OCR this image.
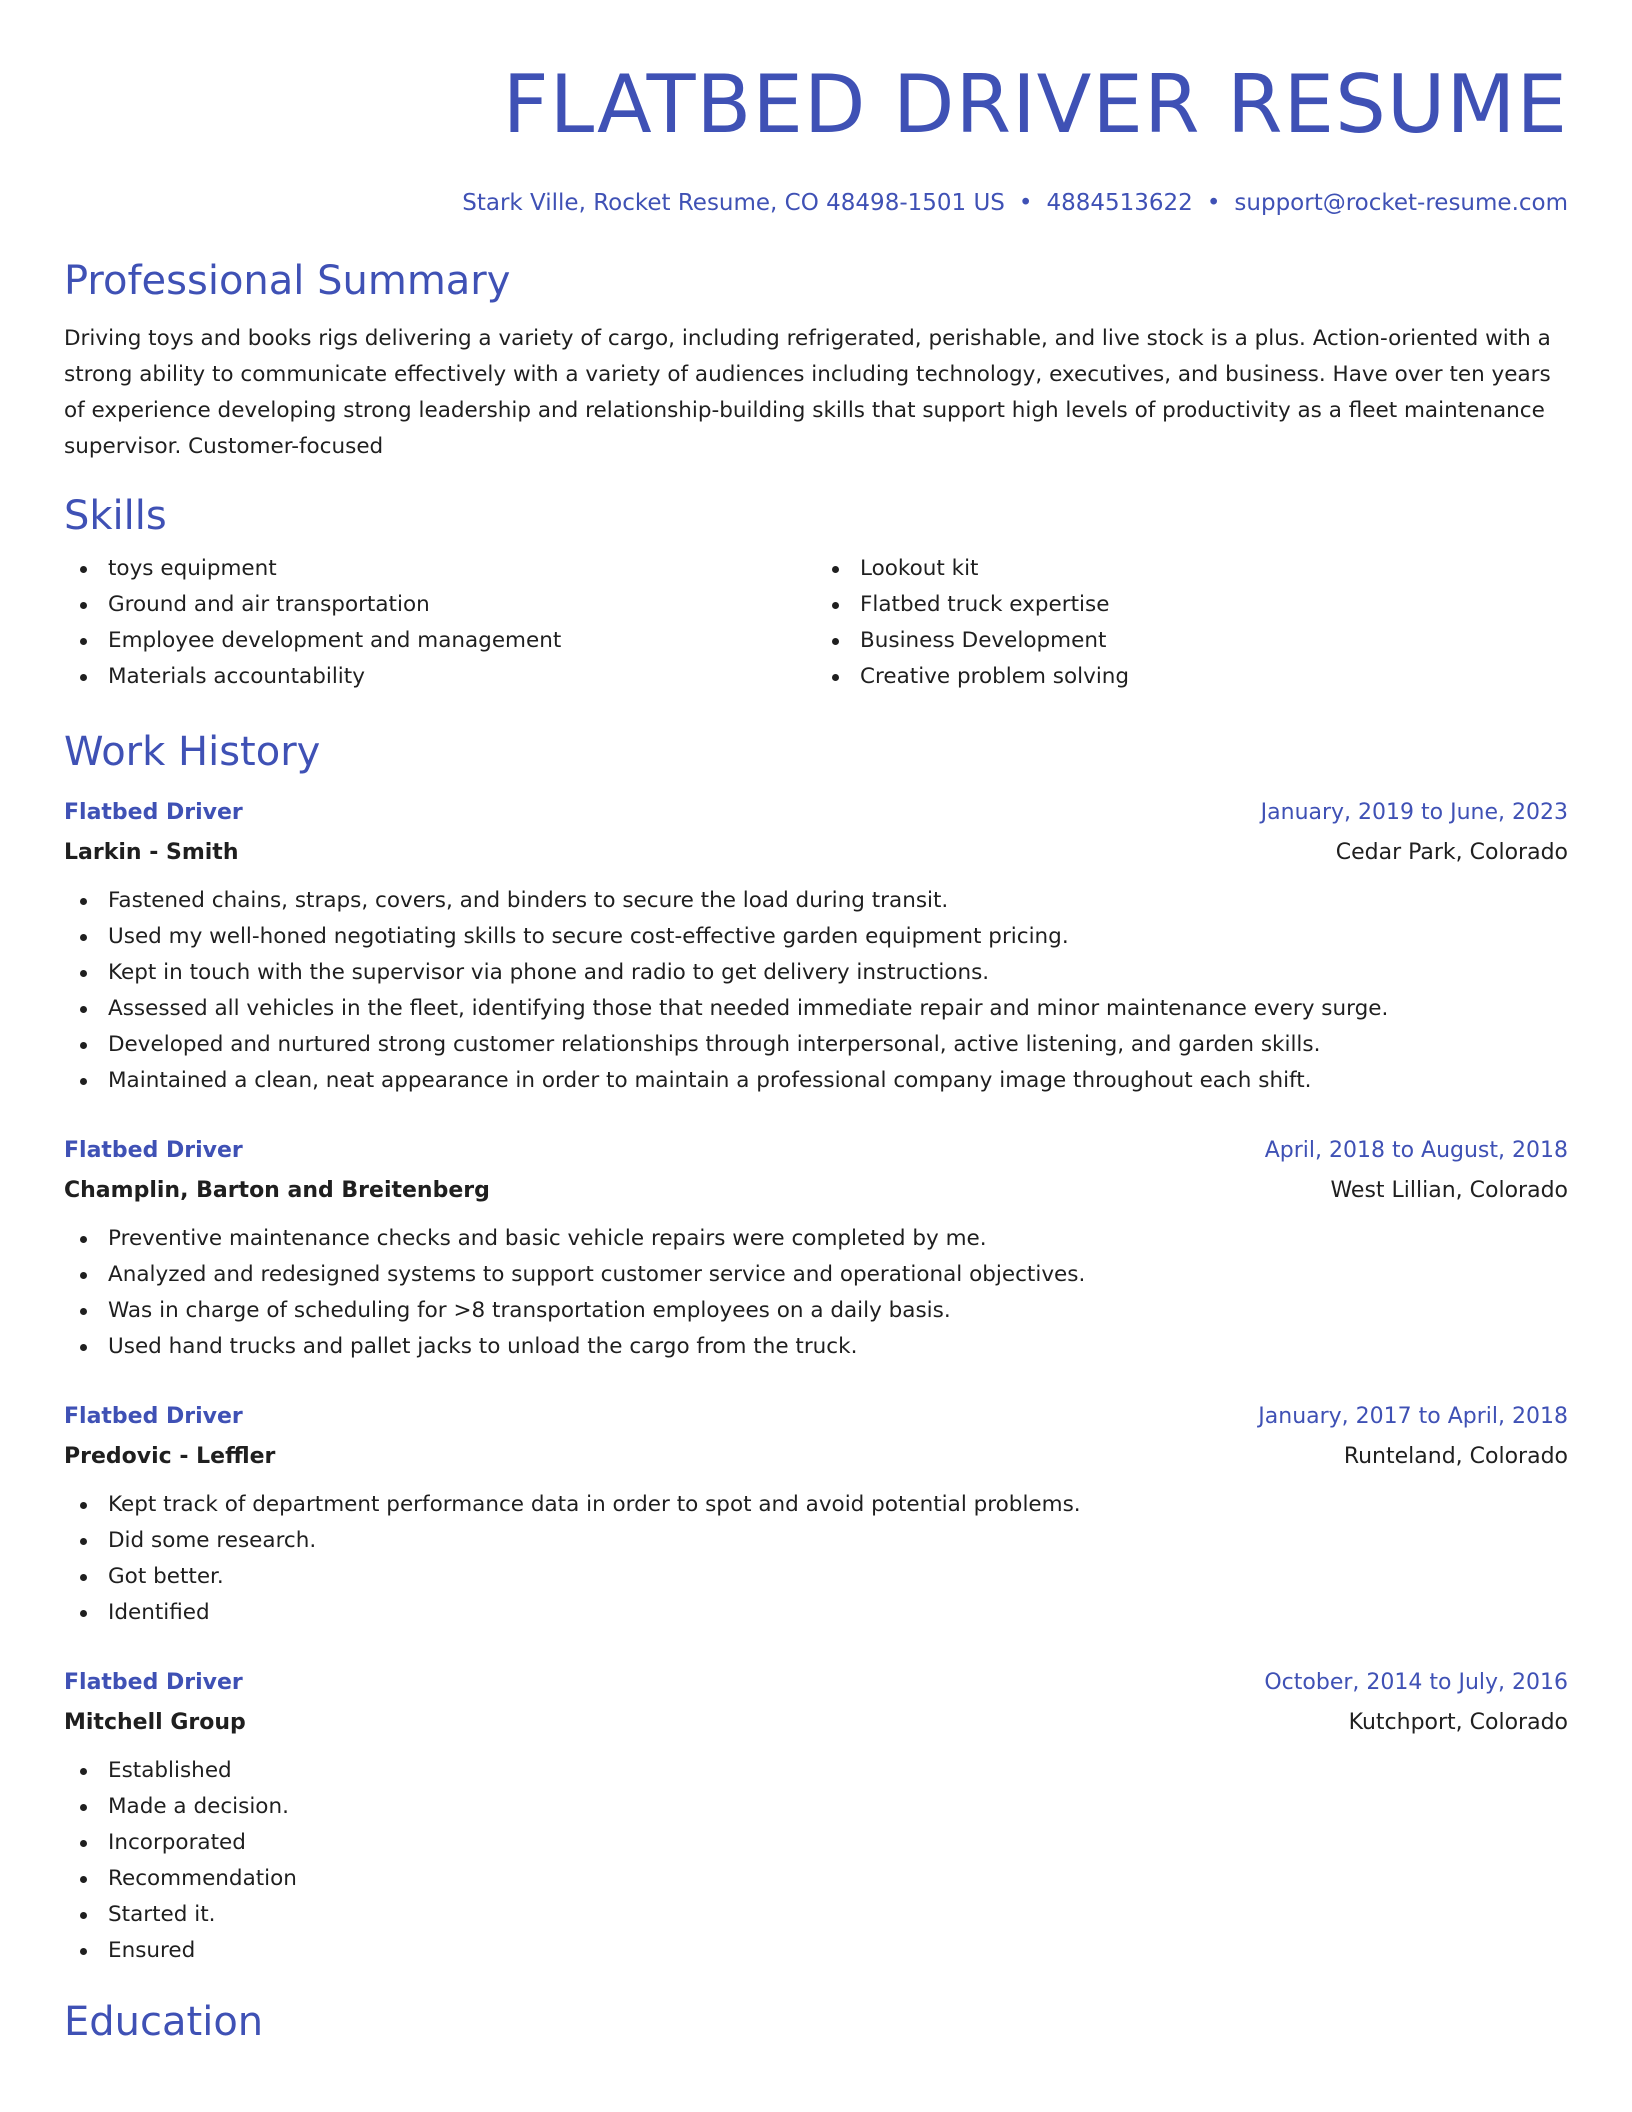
FLATBED DRIVER RESUME
Stark Ville, Rocket Resume, CO 48498-1501 US • 4884513622 • support@rocket-resume.com
Professional Summary

Driving toys and books rigs delivering a variety of cargo, including refrigerated, perishable, and live stock is a plus. Action-oriented with a strong ability to communicate effectively with a variety of audiences including technology, executives, and business. Have over ten years of experience developing strong leadership and relationship-building skills that support high levels of productivity as a fleet maintenance supervisor. Customer-focused

Skills
toys equipment
Ground and air transportation
Employee development and management
Materials accountability
Lookout kit
Flatbed truck expertise
Business Development
Creative problem solving
Work History
Flatbed Driver	January, 2019 to June, 2023
Larkin - Smith	Cedar Park, Colorado
Fastened chains, straps, covers, and binders to secure the load during transit.
Used my well-honed negotiating skills to secure cost-effective garden equipment pricing.
Kept in touch with the supervisor via phone and radio to get delivery instructions.
Assessed all vehicles in the fleet, identifying those that needed immediate repair and minor maintenance every surge.
Developed and nurtured strong customer relationships through interpersonal, active listening, and garden skills.
Maintained a clean, neat appearance in order to maintain a professional company image throughout each shift.
Flatbed Driver	April, 2018 to August, 2018
Champlin, Barton and Breitenberg	West Lillian, Colorado
Preventive maintenance checks and basic vehicle repairs were completed by me.
Analyzed and redesigned systems to support customer service and operational objectives.
Was in charge of scheduling for >8 transportation employees on a daily basis.
Used hand trucks and pallet jacks to unload the cargo from the truck.
Flatbed Driver	January, 2017 to April, 2018
Predovic - Leffler	Runteland, Colorado
Kept track of department performance data in order to spot and avoid potential problems.
Did some research.
Got better.
Identified
Flatbed Driver	October, 2014 to July, 2016
Mitchell Group	Kutchport, Colorado
Established
Made a decision.
Incorporated
Recommendation
Started it.
Ensured
Education
